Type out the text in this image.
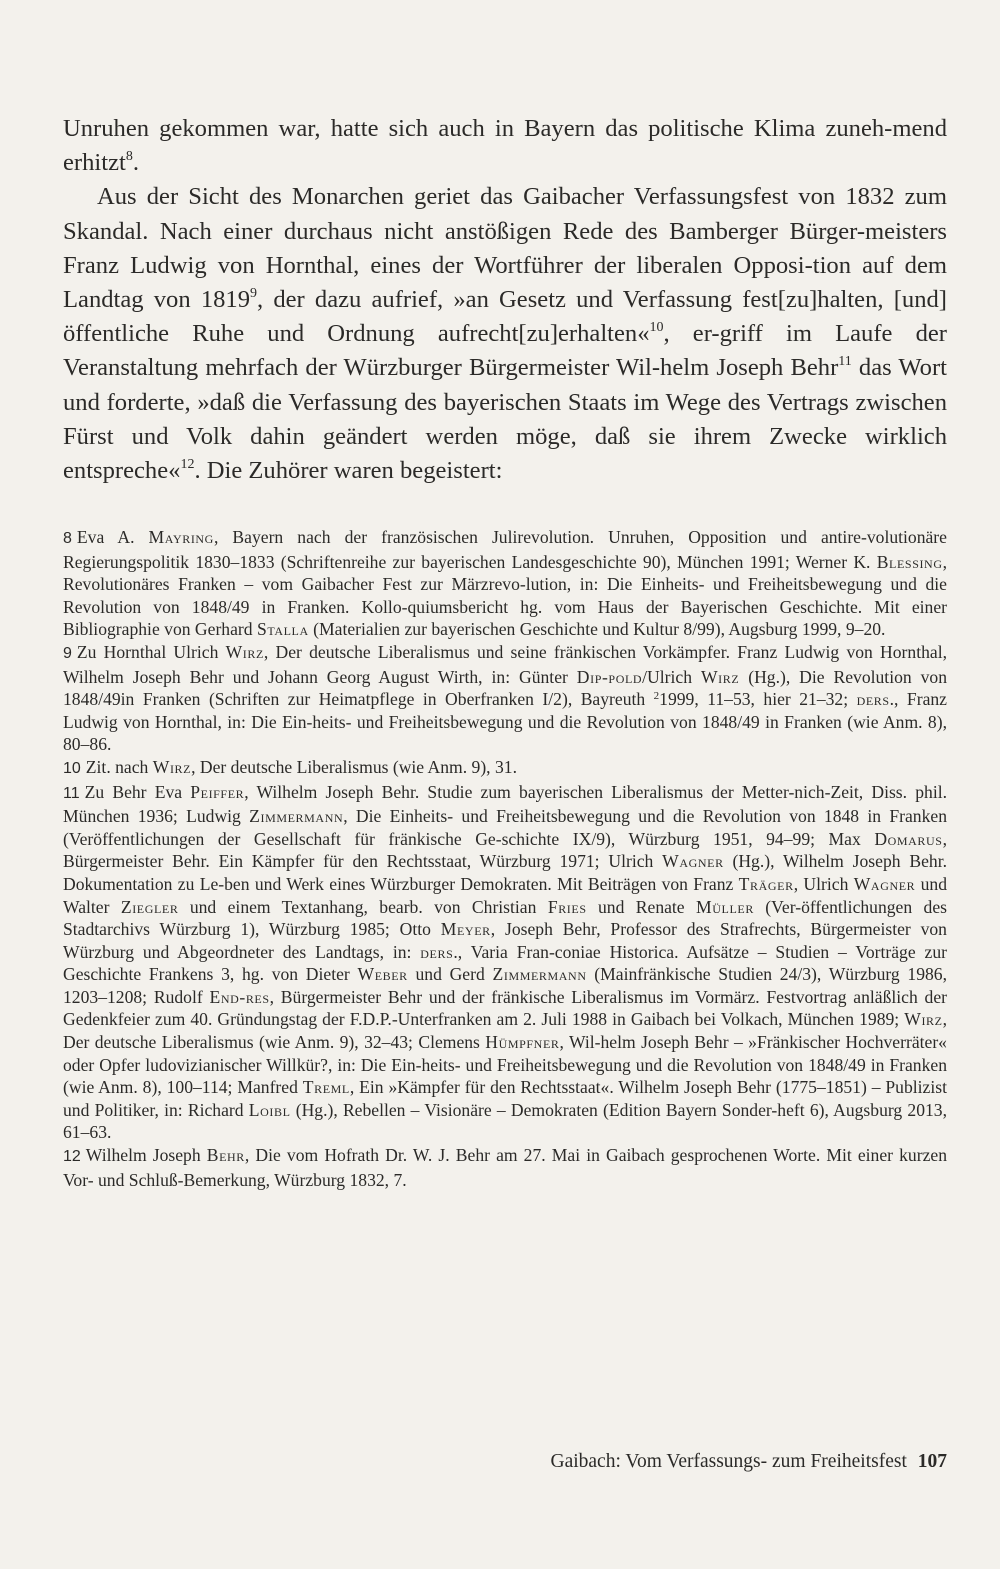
Unruhen gekommen war, hatte sich auch in Bayern das politische Klima zuneh-mend erhitzt$^8$.

Aus der Sicht des Monarchen geriet das Gaibacher Verfassungsfest von 1832 zum Skandal. Nach einer durchaus nicht anstößigen Rede des Bamberger Bürger-meisters Franz Ludwig von Hornthal, eines der Wortführer der liberalen Opposi-tion auf dem Landtag von 1819$^9$, der dazu aufrief, »an Gesetz und Verfassung fest[zu]halten, [und] öffentliche Ruhe und Ordnung aufrecht[zu]erhalten«$^{10}$, er-griff im Laufe der Veranstaltung mehrfach der Würzburger Bürgermeister Wil-helm Joseph Behr$^{11}$ das Wort und forderte, »daß die Verfassung des bayerischen Staats im Wege des Vertrags zwischen Fürst und Volk dahin geändert werden möge, daß sie ihrem Zwecke wirklich entspreche«$^{12}$. Die Zuhörer waren begeistert:

8 Eva A. Mayring, Bayern nach der französischen Julirevolution. Unruhen, Opposition und antire-volutionäre Regierungspolitik 1830–1833 (Schriftenreihe zur bayerischen Landesgeschichte 90), München 1991; Werner K. Blessing, Revolutionäres Franken – vom Gaibacher Fest zur Märzrevo-lution, in: Die Einheits- und Freiheitsbewegung und die Revolution von 1848/49 in Franken. Kollo-quiumsbericht hg. vom Haus der Bayerischen Geschichte. Mit einer Bibliographie von Gerhard Stalla (Materialien zur bayerischen Geschichte und Kultur 8/99), Augsburg 1999, 9–20.

9 Zu Hornthal Ulrich Wirz, Der deutsche Liberalismus und seine fränkischen Vorkämpfer. Franz Ludwig von Hornthal, Wilhelm Joseph Behr und Johann Georg August Wirth, in: Günter Dip-pold/Ulrich Wirz (Hg.), Die Revolution von 1848/49in Franken (Schriften zur Heimatpflege in Oberfranken I/2), Bayreuth $^2$1999, 11–53, hier 21–32; ders., Franz Ludwig von Hornthal, in: Die Ein-heits- und Freiheitsbewegung und die Revolution von 1848/49 in Franken (wie Anm. 8), 80–86.

10 Zit. nach Wirz, Der deutsche Liberalismus (wie Anm. 9), 31.

11 Zu Behr Eva Peiffer, Wilhelm Joseph Behr. Studie zum bayerischen Liberalismus der Metter-nich-Zeit, Diss. phil. München 1936; Ludwig Zimmermann, Die Einheits- und Freiheitsbewegung und die Revolution von 1848 in Franken (Veröffentlichungen der Gesellschaft für fränkische Ge-schichte IX/9), Würzburg 1951, 94–99; Max Domarus, Bürgermeister Behr. Ein Kämpfer für den Rechtsstaat, Würzburg 1971; Ulrich Wagner (Hg.), Wilhelm Joseph Behr. Dokumentation zu Le-ben und Werk eines Würzburger Demokraten. Mit Beiträgen von Franz Träger, Ulrich Wagner und Walter Ziegler und einem Textanhang, bearb. von Christian Fries und Renate Müller (Ver-öffentlichungen des Stadtarchivs Würzburg 1), Würzburg 1985; Otto Meyer, Joseph Behr, Professor des Strafrechts, Bürgermeister von Würzburg und Abgeordneter des Landtags, in: ders., Varia Fran-coniae Historica. Aufsätze – Studien – Vorträge zur Geschichte Frankens 3, hg. von Dieter Weber und Gerd Zimmermann (Mainfränkische Studien 24/3), Würzburg 1986, 1203–1208; Rudolf End-res, Bürgermeister Behr und der fränkische Liberalismus im Vormärz. Festvortrag anläßlich der Gedenkfeier zum 40. Gründungstag der F.D.P.-Unterfranken am 2. Juli 1988 in Gaibach bei Volkach, München 1989; Wirz, Der deutsche Liberalismus (wie Anm. 9), 32–43; Clemens Hümpfner, Wil-helm Joseph Behr – »Fränkischer Hochverräter« oder Opfer ludovizianischer Willkür?, in: Die Ein-heits- und Freiheitsbewegung und die Revolution von 1848/49 in Franken (wie Anm. 8), 100–114; Manfred Treml, Ein »Kämpfer für den Rechtsstaat«. Wilhelm Joseph Behr (1775–1851) – Publizist und Politiker, in: Richard Loibl (Hg.), Rebellen – Visionäre – Demokraten (Edition Bayern Sonder-heft 6), Augsburg 2013, 61–63.

12 Wilhelm Joseph Behr, Die vom Hofrath Dr. W. J. Behr am 27. Mai in Gaibach gesprochenen Worte. Mit einer kurzen Vor- und Schluß-Bemerkung, Würzburg 1832, 7.

Gaibach: Vom Verfassungs- zum Freiheitsfest 107
